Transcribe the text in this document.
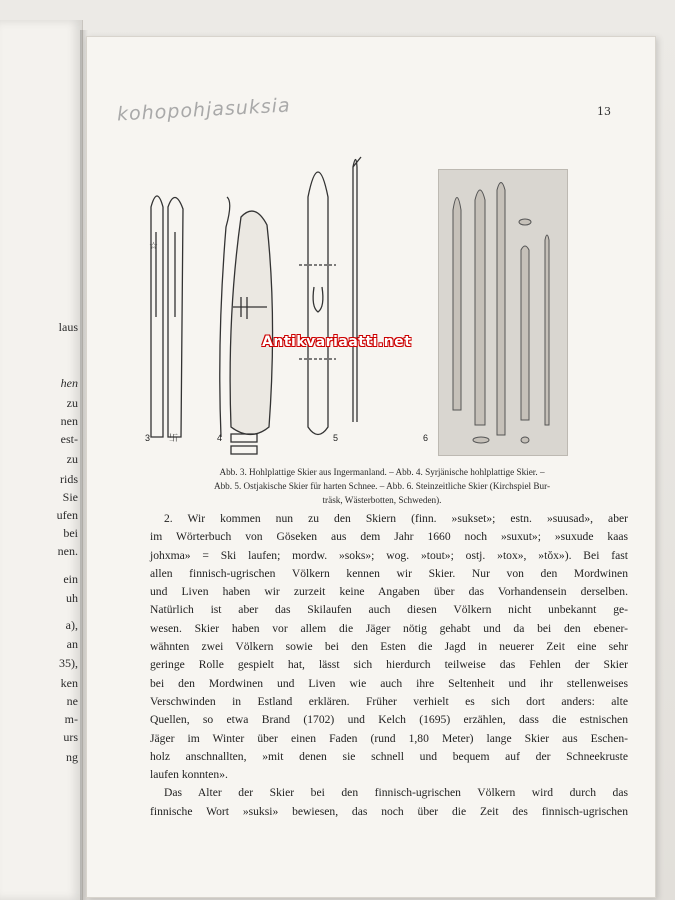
laus
hen
zu
nen
est-
zu
rids
Sie
ufen
bei
nen.
ein
uh
a),
an
35),
ken
ne
m-
urs
ng
kohopohjasuksia	13
☆
卐
3	4	5	6
Antikvariaatti.net
Abb. 3. Hohlplattige Skier aus Ingermanland. – Abb. 4. Syrjänische hohlplattige Skier. –
Abb. 5. Ostjakische Skier für harten Schnee. – Abb. 6. Steinzeitliche Skier (Kirchspiel Bur-
träsk, Wästerbotten, Schweden).
2. Wir kommen nun zu den Skiern (finn. »sukset»; estn. »suusad», aber
im Wörterbuch von Göseken aus dem Jahr 1660 noch »suxut»; »suxude kaas
johxma» = Ski laufen; mordw. »soks»; wog. »tout»; ostj. »tox», »tŏx»). Bei fast
allen finnisch-ugrischen Völkern kennen wir Skier. Nur von den Mordwinen
und Liven haben wir zurzeit keine Angaben über das Vorhandensein derselben.
Natürlich ist aber das Skilaufen auch diesen Völkern nicht unbekannt ge-
wesen. Skier haben vor allem die Jäger nötig gehabt und da bei den ebener-
wähnten zwei Völkern sowie bei den Esten die Jagd in neuerer Zeit eine sehr
geringe Rolle gespielt hat, lässt sich hierdurch teilweise das Fehlen der Skier
bei den Mordwinen und Liven wie auch ihre Seltenheit und ihr stellenweises
Verschwinden in Estland erklären. Früher verhielt es sich dort anders: alte
Quellen, so etwa Brand (1702) und Kelch (1695) erzählen, dass die estnischen
Jäger im Winter über einen Faden (rund 1,80 Meter) lange Skier aus Eschen-
holz anschnallten, »mit denen sie schnell und bequem auf der Schneekruste
laufen konnten».
Das Alter der Skier bei den finnisch-ugrischen Völkern wird durch das
finnische Wort »suksi» bewiesen, das noch über die Zeit des finnisch-ugrischen
